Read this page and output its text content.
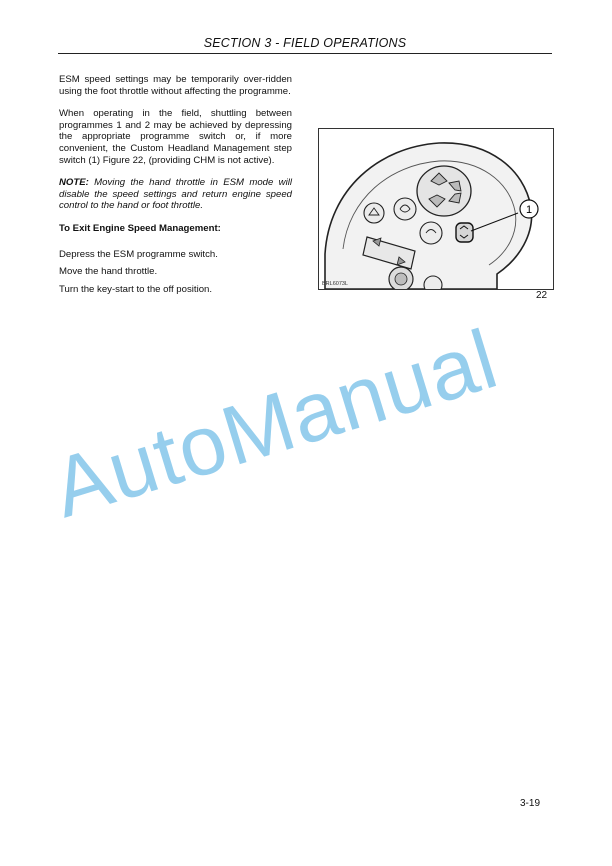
SECTION 3 - FIELD OPERATIONS

ESM speed settings may be temporarily over-ridden using the foot throttle without affecting the programme.

When operating in the field, shuttling between programmes 1 and 2 may be achieved by depressing the appropriate programme switch or, if more convenient, the Custom Headland Management step switch (1) Figure 22, (providing CHM is not active).

NOTE: Moving the hand throttle in ESM mode will disable the speed settings and return engine speed control to the hand or foot throttle.

To Exit Engine Speed Management:

Depress the ESM programme switch.

Move the hand throttle.

Turn the key-start to the off position.

1
BRL6073L
22
AutoManual
3-19
